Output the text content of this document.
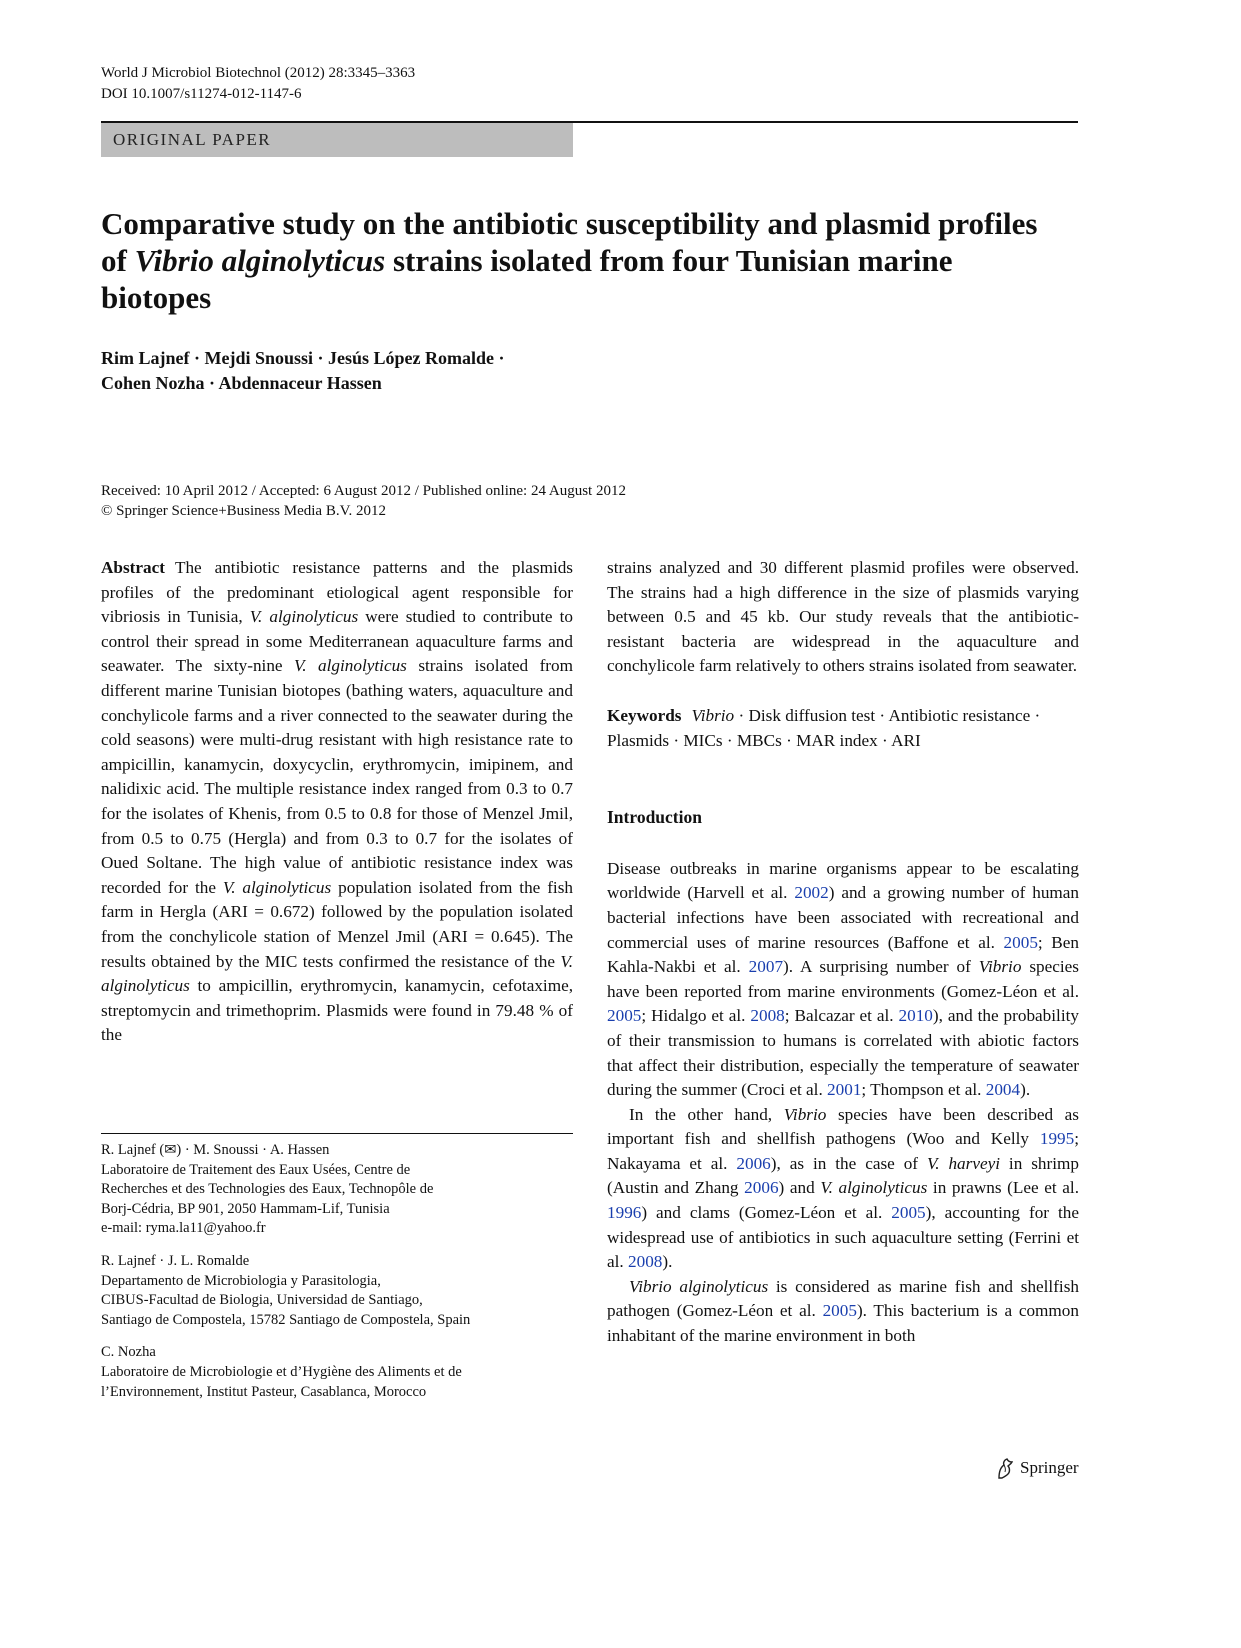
World J Microbiol Biotechnol (2012) 28:3345–3363
DOI 10.1007/s11274-012-1147-6
ORIGINAL PAPER
Comparative study on the antibiotic susceptibility and plasmid profiles of Vibrio alginolyticus strains isolated from four Tunisian marine biotopes
Rim Lajnef · Mejdi Snoussi · Jesús López Romalde ·
Cohen Nozha · Abdennaceur Hassen
Received: 10 April 2012 / Accepted: 6 August 2012 / Published online: 24 August 2012
© Springer Science+Business Media B.V. 2012

Abstract The antibiotic resistance patterns and the plasmids profiles of the predominant etiological agent responsible for vibriosis in Tunisia, V. alginolyticus were studied to contribute to control their spread in some Mediterranean aquaculture farms and seawater. The sixty-nine V. alginolyticus strains isolated from different marine Tunisian biotopes (bathing waters, aquaculture and conchylicole farms and a river connected to the seawater during the cold seasons) were multi-drug resistant with high resistance rate to ampicillin, kanamycin, doxycyclin, erythromycin, imipinem, and nalidixic acid. The multiple resistance index ranged from 0.3 to 0.7 for the isolates of Khenis, from 0.5 to 0.8 for those of Menzel Jmil, from 0.5 to 0.75 (Hergla) and from 0.3 to 0.7 for the isolates of Oued Soltane. The high value of antibiotic resistance index was recorded for the V. alginolyticus population isolated from the fish farm in Hergla (ARI = 0.672) followed by the population isolated from the conchylicole station of Menzel Jmil (ARI = 0.645). The results obtained by the MIC tests confirmed the resistance of the V. alginolyticus to ampicillin, erythromycin, kanamycin, cefotaxime, streptomycin and trimethoprim. Plasmids were found in 79.48 % of the

R. Lajnef (✉) · M. Snoussi · A. Hassen
Laboratoire de Traitement des Eaux Usées, Centre de
Recherches et des Technologies des Eaux, Technopôle de
Borj-Cédria, BP 901, 2050 Hammam-Lif, Tunisia
e-mail: ryma.la11@yahoo.fr

R. Lajnef · J. L. Romalde
Departamento de Microbiologia y Parasitologia,
CIBUS-Facultad de Biologia, Universidad de Santiago,
Santiago de Compostela, 15782 Santiago de Compostela, Spain

C. Nozha
Laboratoire de Microbiologie et d’Hygiène des Aliments et de
l’Environnement, Institut Pasteur, Casablanca, Morocco

strains analyzed and 30 different plasmid profiles were observed. The strains had a high difference in the size of plasmids varying between 0.5 and 45 kb. Our study reveals that the antibiotic-resistant bacteria are widespread in the aquaculture and conchylicole farm relatively to others strains isolated from seawater.

Keywords Vibrio · Disk diffusion test · Antibiotic resistance · Plasmids · MICs · MBCs · MAR index · ARI

Introduction

Disease outbreaks in marine organisms appear to be escalating worldwide (Harvell et al. 2002) and a growing number of human bacterial infections have been associated with recreational and commercial uses of marine resources (Baffone et al. 2005; Ben Kahla-Nakbi et al. 2007). A surprising number of Vibrio species have been reported from marine environments (Gomez-Léon et al. 2005; Hidalgo et al. 2008; Balcazar et al. 2010), and the probability of their transmission to humans is correlated with abiotic factors that affect their distribution, especially the temperature of seawater during the summer (Croci et al. 2001; Thompson et al. 2004).

In the other hand, Vibrio species have been described as important fish and shellfish pathogens (Woo and Kelly 1995; Nakayama et al. 2006), as in the case of V. harveyi in shrimp (Austin and Zhang 2006) and V. alginolyticus in prawns (Lee et al. 1996) and clams (Gomez-Léon et al. 2005), accounting for the widespread use of antibiotics in such aquaculture setting (Ferrini et al. 2008).

Vibrio alginolyticus is considered as marine fish and shellfish pathogen (Gomez-Léon et al. 2005). This bacterium is a common inhabitant of the marine environment in both

Springer
